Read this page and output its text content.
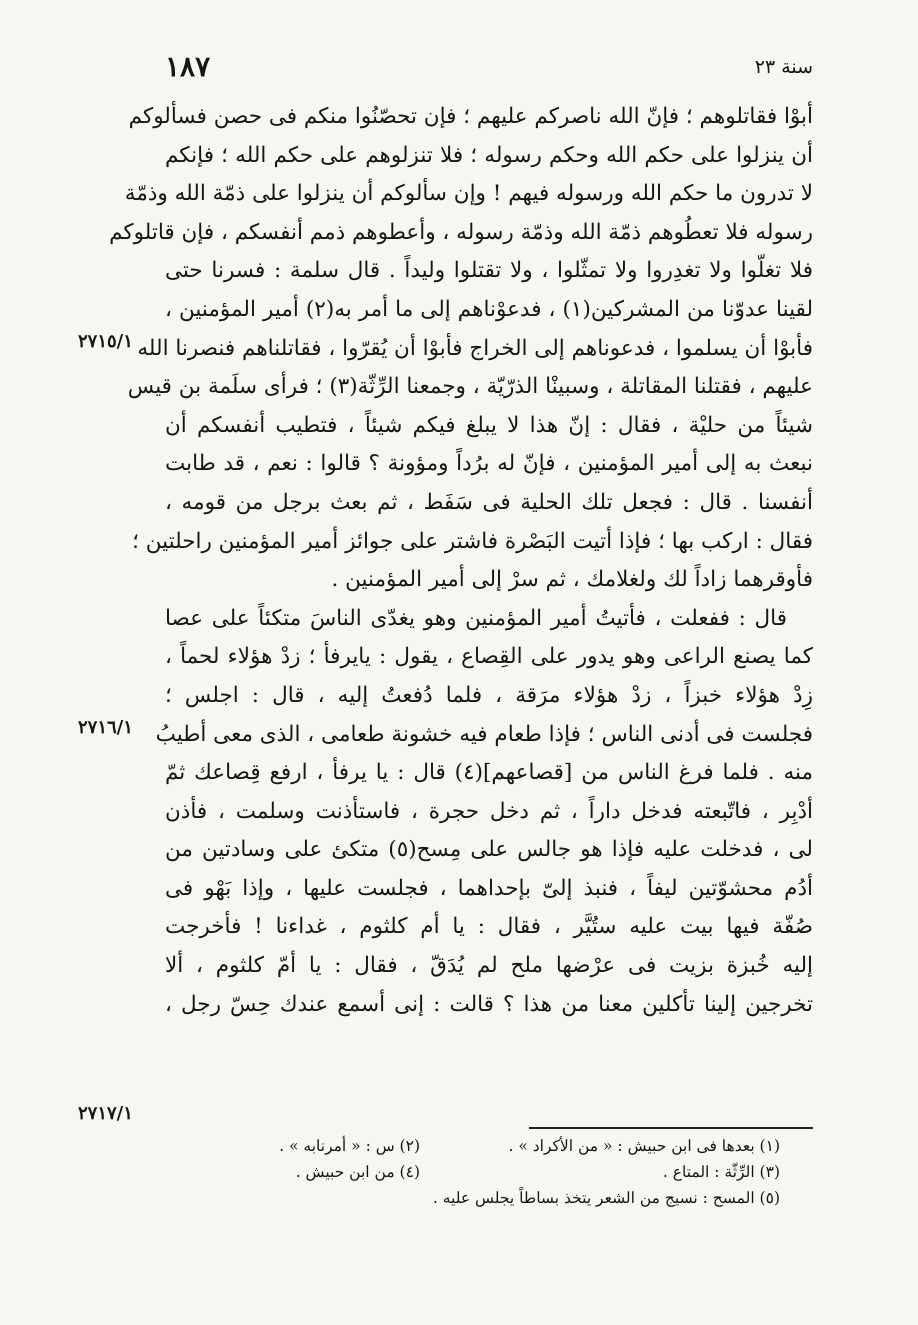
١٨٧	سنة ٢٣
أبوْا فقاتلوهم ؛ فإنّ الله ناصركم عليهم ؛ فإن تحصّنُوا منكم فى حصن فسألوكم
أن ينزلوا على حكم الله وحكم رسوله ؛ فلا تنزلوهم على حكم الله ؛ فإنكم
لا تدرون ما حكم الله ورسوله فيهم ! وإن سألوكم أن ينزلوا على ذمّة الله وذمّة
رسوله فلا تعطُوهم ذمّة الله وذمّة رسوله ، وأعطوهم ذمم أنفسكم ، فإن قاتلوكم
فلا تغلّوا ولا تغدِروا ولا تمثّلوا ، ولا تقتلوا وليداً . قال سلمة : فسرنا حتى
لقينا عدوّنا من المشركين(١) ، فدعوْناهم إلى ما أمر به(٢) أمير المؤمنين ،
فأبوْا أن يسلموا ، فدعوناهم إلى الخراج فأبوْا أن يُقرّوا ، فقاتلناهم فنصرنا الله
عليهم ، فقتلنا المقاتلة ، وسبينْا الذرّيّة ، وجمعنا الرِّثّة(٣) ؛ فرأى سلَمة بن قيس
شيئاً من حليْة ، فقال : إنّ هذا لا يبلغ فيكم شيئاً ، فتطيب أنفسكم أن
نبعث به إلى أمير المؤمنين ، فإنّ له برُداً ومؤونة ؟ قالوا : نعم ، قد طابت
أنفسنا . قال : فجعل تلك الحلية فى سَفَط ، ثم بعث برجل من قومه ،
فقال : اركب بها ؛ فإذا أتيت البَصْرة فاشتر على جوائز أمير المؤمنين راحلتين ؛
فأوقرهما زاداً لك ولغلامك ، ثم سرْ إلى أمير المؤمنين .
قال : ففعلت ، فأتيتُ أمير المؤمنين وهو يغدّى الناسَ متكئاً على عصا
كما يصنع الراعى وهو يدور على القِصاع ، يقول : يايرفأ ؛ زدْ هؤلاء لحماً ،
زِدْ هؤلاء خبزاً ، زدْ هؤلاء مرَقة ، فلما دُفعتُ إليه ، قال : اجلس ؛
فجلست فى أدنى الناس ؛ فإذا طعام فيه خشونة طعامى ، الذى معى أطيبُ
منه . فلما فرغ الناس من [قصاعهم](٤) قال : يا يرفأ ، ارفع قِصاعك ثمّ
أدْبِر ، فاتّبعته فدخل داراً ، ثم دخل حجرة ، فاستأذنت وسلمت ، فأذن
لى ، فدخلت عليه فإذا هو جالس على مِسح(٥) متكئ على وسادتين من
أدُم محشوّتين ليفاً ، فنبذ إلىّ بإحداهما ، فجلست عليها ، وإذا بَهْو فى
صُفّة فيها بيت عليه ستُيَّر ، فقال : يا أم كلثوم ، غداءنا ! فأخرجت
إليه خُبزة بزيت فى عرْضها ملح لم يُدَقّ ، فقال : يا أمّ كلثوم ، ألا
تخرجين إلينا تأكلين معنا من هذا ؟ قالت : إنى أسمع عندك حِسّ رجل ،
٢٧١٥/١
٢٧١٦/١
٢٧١٧/١
(١) بعدها فى ابن حبيش : « من الأكراد » .
(٢) س : « أمرنابه » .
(٣) الرِّثّة : المتاع .
(٤) من ابن حبيش .
(٥) المسح : نسيج من الشعر يتخذ بساطاً يجلس عليه .
